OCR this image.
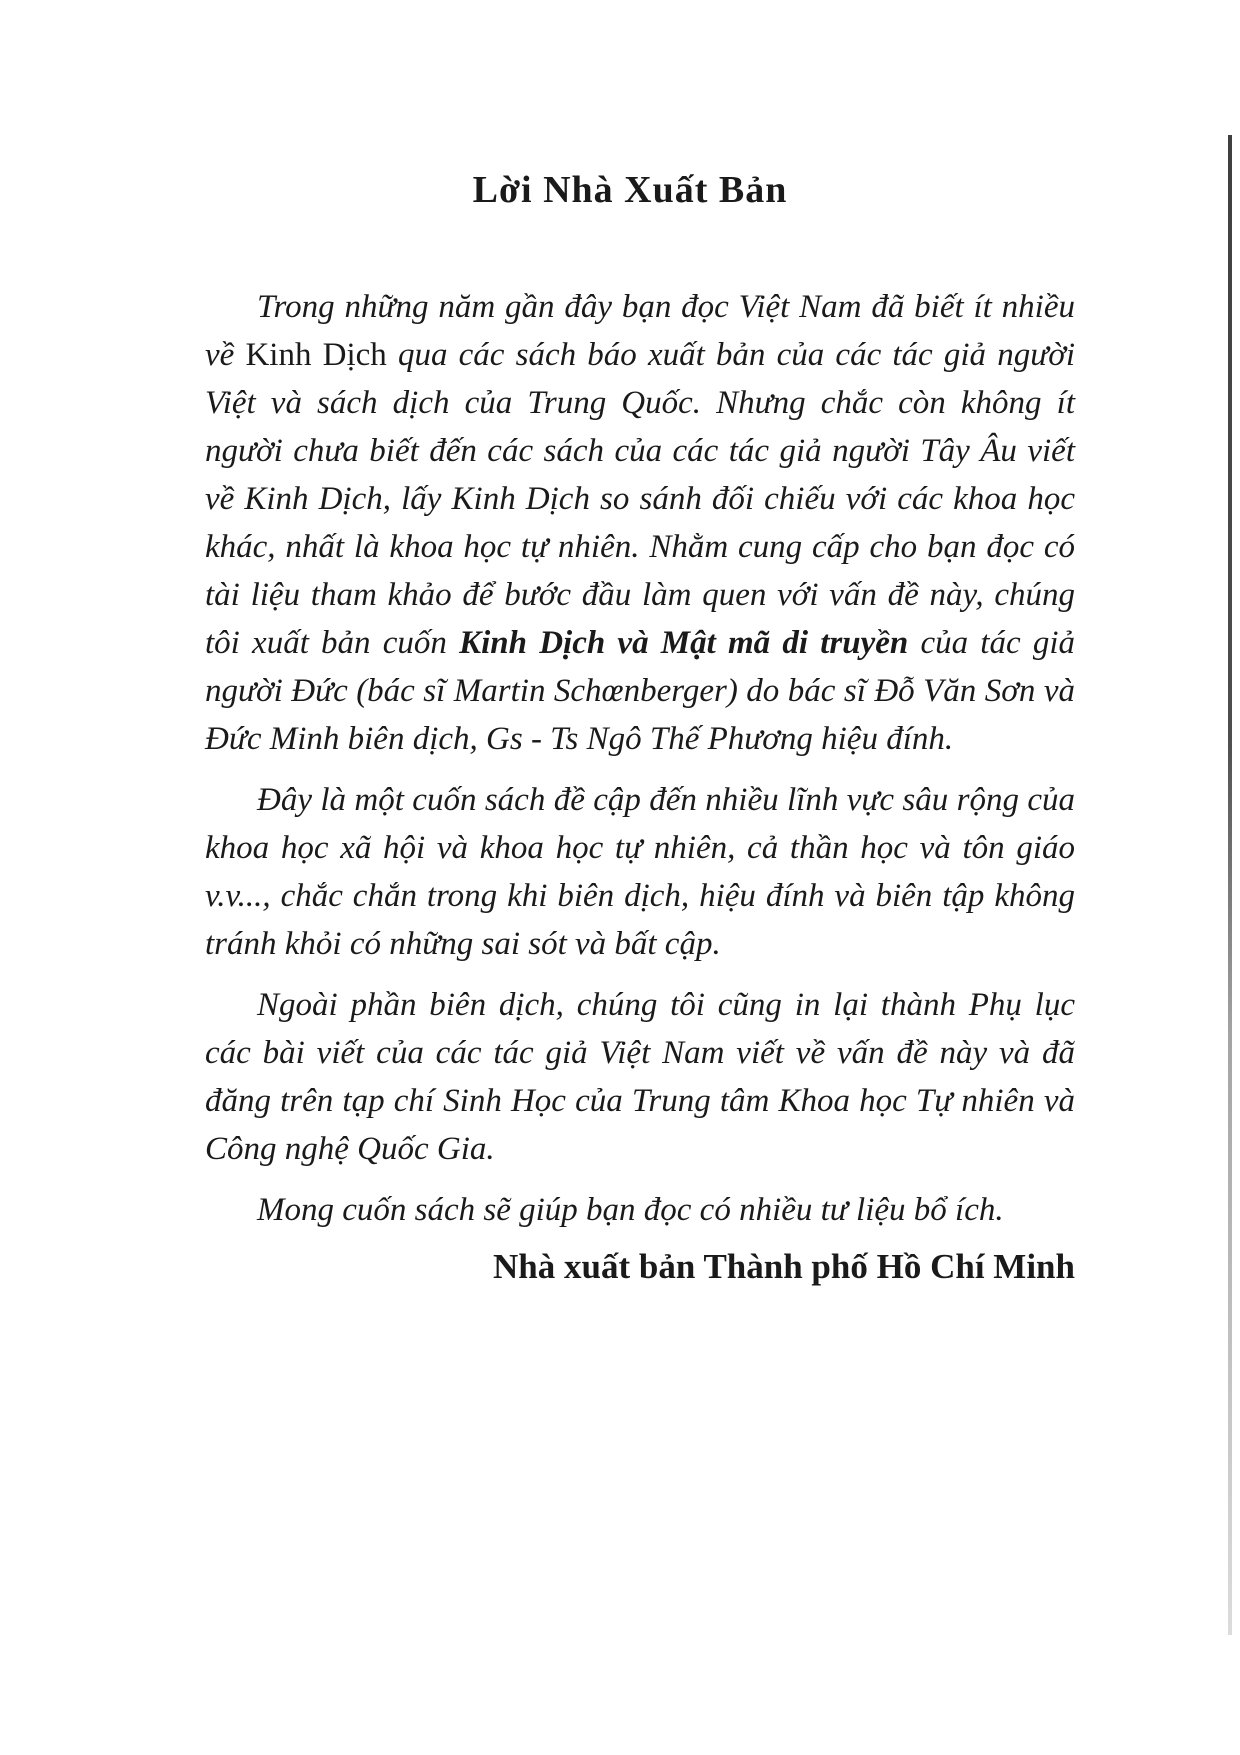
Lời Nhà Xuất Bản

Trong những năm gần đây bạn đọc Việt Nam đã biết ít nhiều về Kinh Dịch qua các sách báo xuất bản của các tác giả người Việt và sách dịch của Trung Quốc. Nhưng chắc còn không ít người chưa biết đến các sách của các tác giả người Tây Âu viết về Kinh Dịch, lấy Kinh Dịch so sánh đối chiếu với các khoa học khác, nhất là khoa học tự nhiên. Nhằm cung cấp cho bạn đọc có tài liệu tham khảo để bước đầu làm quen với vấn đề này, chúng tôi xuất bản cuốn Kinh Dịch và Mật mã di truyền của tác giả người Đức (bác sĩ Martin Schœnberger) do bác sĩ Đỗ Văn Sơn và Đức Minh biên dịch, Gs - Ts Ngô Thế Phương hiệu đính.

Đây là một cuốn sách đề cập đến nhiều lĩnh vực sâu rộng của khoa học xã hội và khoa học tự nhiên, cả thần học và tôn giáo v.v..., chắc chắn trong khi biên dịch, hiệu đính và biên tập không tránh khỏi có những sai sót và bất cập.

Ngoài phần biên dịch, chúng tôi cũng in lại thành Phụ lục các bài viết của các tác giả Việt Nam viết về vấn đề này và đã đăng trên tạp chí Sinh Học của Trung tâm Khoa học Tự nhiên và Công nghệ Quốc Gia.

Mong cuốn sách sẽ giúp bạn đọc có nhiều tư liệu bổ ích.

Nhà xuất bản Thành phố Hồ Chí Minh
